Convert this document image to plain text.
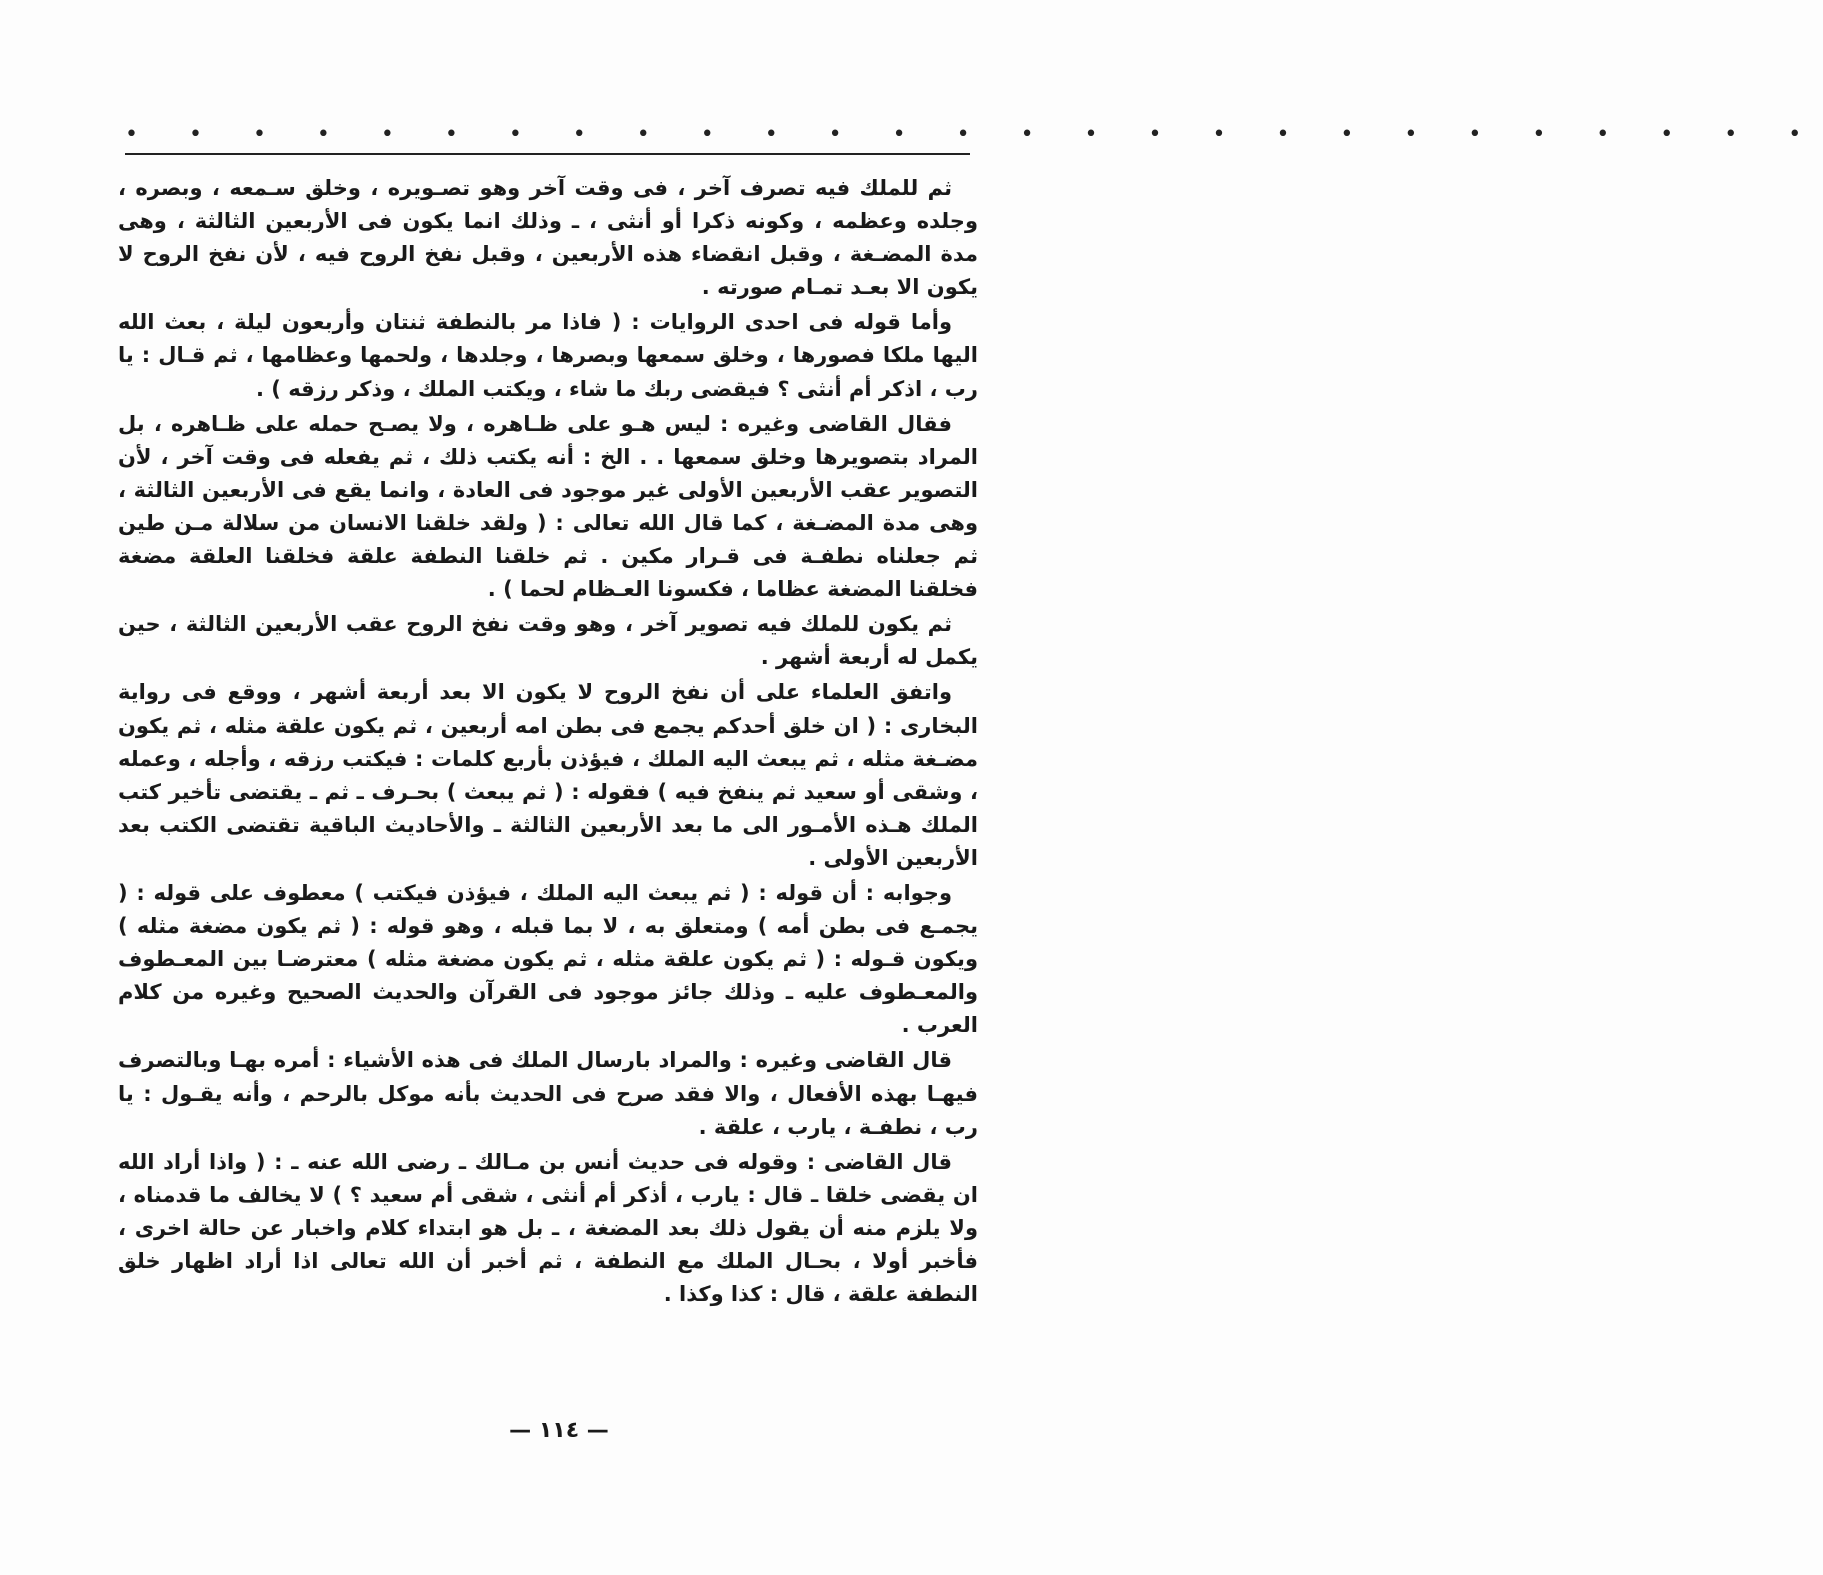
• • • • • • • • • • • • • • • • • • • • • • • • • • •

ثم للملك فيه تصرف آخر ، فى وقت آخر وهو تصـويره ، وخلق سـمعه ، وبصره ، وجلده وعظمه ، وكونه ذكرا أو أنثى ، ـ وذلك انما يكون فى الأربعين الثالثة ، وهى مدة المضـغة ، وقبل انقضاء هذه الأربعين ، وقبل نفخ الروح فيه ، لأن نفخ الروح لا يكون الا بعـد تمـام صورته .

وأما قوله فى احدى الروايات : ( فاذا مر بالنطفة ثنتان وأربعون ليلة ، بعث الله اليها ملكا فصورها ، وخلق سمعها وبصرها ، وجلدها ، ولحمها وعظامها ، ثم قـال : يا رب ، اذكر أم أنثى ؟ فيقضى ربك ما شاء ، ويكتب الملك ، وذكر رزقه ) .

فقال القاضى وغيره : ليس هـو على ظـاهره ، ولا يصـح حمله على ظـاهره ، بل المراد بتصويرها وخلق سمعها . . الخ : أنه يكتب ذلك ، ثم يفعله فى وقت آخر ، لأن التصوير عقب الأربعين الأولى غير موجود فى العادة ، وانما يقع فى الأربعين الثالثة ، وهى مدة المضـغة ، كما قال الله تعالى : ( ولقد خلقنا الانسان من سلالة مـن طين ثم جعلناه نطفـة فى قـرار مكين . ثم خلقنا النطفة علقة فخلقنا العلقة مضغة فخلقنا المضغة عظاما ، فكسونا العـظام لحما ) .

ثم يكون للملك فيه تصوير آخر ، وهو وقت نفخ الروح عقب الأربعين الثالثة ، حين يكمل له أربعة أشهر .

واتفق العلماء على أن نفخ الروح لا يكون الا بعد أربعة أشهر ، ووقع فى رواية البخارى : ( ان خلق أحدكم يجمع فى بطن امه أربعين ، ثم يكون علقة مثله ، ثم يكون مضـغة مثله ، ثم يبعث اليه الملك ، فيؤذن بأربع كلمات : فيكتب رزقه ، وأجله ، وعمله ، وشقى أو سعيد ثم ينفخ فيه ) فقوله : ( ثم يبعث ) بحـرف ـ ثم ـ يقتضى تأخير كتب الملك هـذه الأمـور الى ما بعد الأربعين الثالثة ـ والأحاديث الباقية تقتضى الكتب بعد الأربعين الأولى .

وجوابه : أن قوله : ( ثم يبعث اليه الملك ، فيؤذن فيكتب ) معطوف على قوله : ( يجمـع فى بطن أمه ) ومتعلق به ، لا بما قبله ، وهو قوله : ( ثم يكون مضغة مثله ) ويكون قـوله : ( ثم يكون علقة مثله ، ثم يكون مضغة مثله ) معترضـا بين المعـطوف والمعـطوف عليه ـ وذلك جائز موجود فى القرآن والحديث الصحيح وغيره من كلام العرب .

قال القاضى وغيره : والمراد بارسال الملك فى هذه الأشياء : أمره بهـا وبالتصرف فيهـا بهذه الأفعال ، والا فقد صرح فى الحديث بأنه موكل بالرحم ، وأنه يقـول : يا رب ، نطفـة ، يارب ، علقة .

قال القاضى : وقوله فى حديث أنس بن مـالك ـ رضى الله عنه ـ : ( واذا أراد الله ان يقضى خلقا ـ قال : يارب ، أذكر أم أنثى ، شقى أم سعيد ؟ ) لا يخالف ما قدمناه ، ولا يلزم منه أن يقول ذلك بعد المضغة ، ـ بل هو ابتداء كلام واخبار عن حالة اخرى ، فأخبر أولا ، بحـال الملك مع النطفة ، ثم أخبر أن الله تعالى اذا أراد اظهار خلق النطفة علقة ، قال : كذا وكذا .

— ١١٤ —
